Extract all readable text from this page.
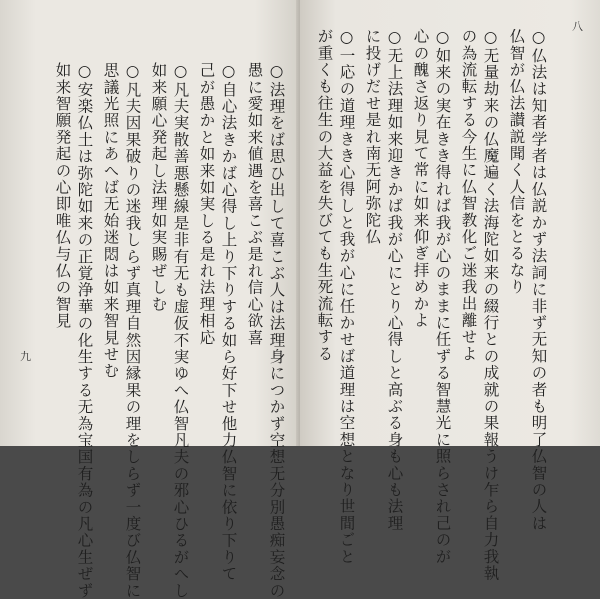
○法理をば思ひ出して喜こぶ人は法理身につかず空想无分別愚痴妄念の
愚に愛如来値遇を喜こぶ是れ信心欲喜
○自心法きかば心得し上り下りする如ら好下せ他力仏智に依り下りて
己が愚かと如来如実しる是れ法理相応
○凡夫実散善悪懸線是非有无も虚仮不実ゆへ仏智凡夫の邪心ひるがへし
如来願心発起し法理如実賜ぜしむ
○凡夫因果破りの迷我しらず真理自然因縁果の理をしらず一度び仏智に
思議光照にあへば无始迷悶は如来智見せむ
○安楽仏土は弥陀如来の正覚浄華の化生する无為宝国有為の凡心生ぜず
如来智願発起の心即唯仏与仏の智見
九	○仏法は知者学者は仏説かず法詞に非ず无知の者も明了仏智の人は
仏智が仏法讃説聞く人信をとるなり
○无量劫来の仏魔遍く法海陀如来の綴行との成就の果報うけ乍ら自力我執
の為流転する今生に仏智教化ご迷我出離せよ
○如来の実在きき得れば我が心のままに任ずる智慧光に照らされ己のが
心の醜さ返り見て常に如来仰ぎ拝めかよ
○无上法理如来迎きかば我が心にとり心得しと高ぶる身も心も法理
に投げだせ是れ南无阿弥陀仏
○一応の道理きき心得しと我が心に任かせば道理は空想となり世間ごと
が重くも往生の大益を失びても生死流転する
八
